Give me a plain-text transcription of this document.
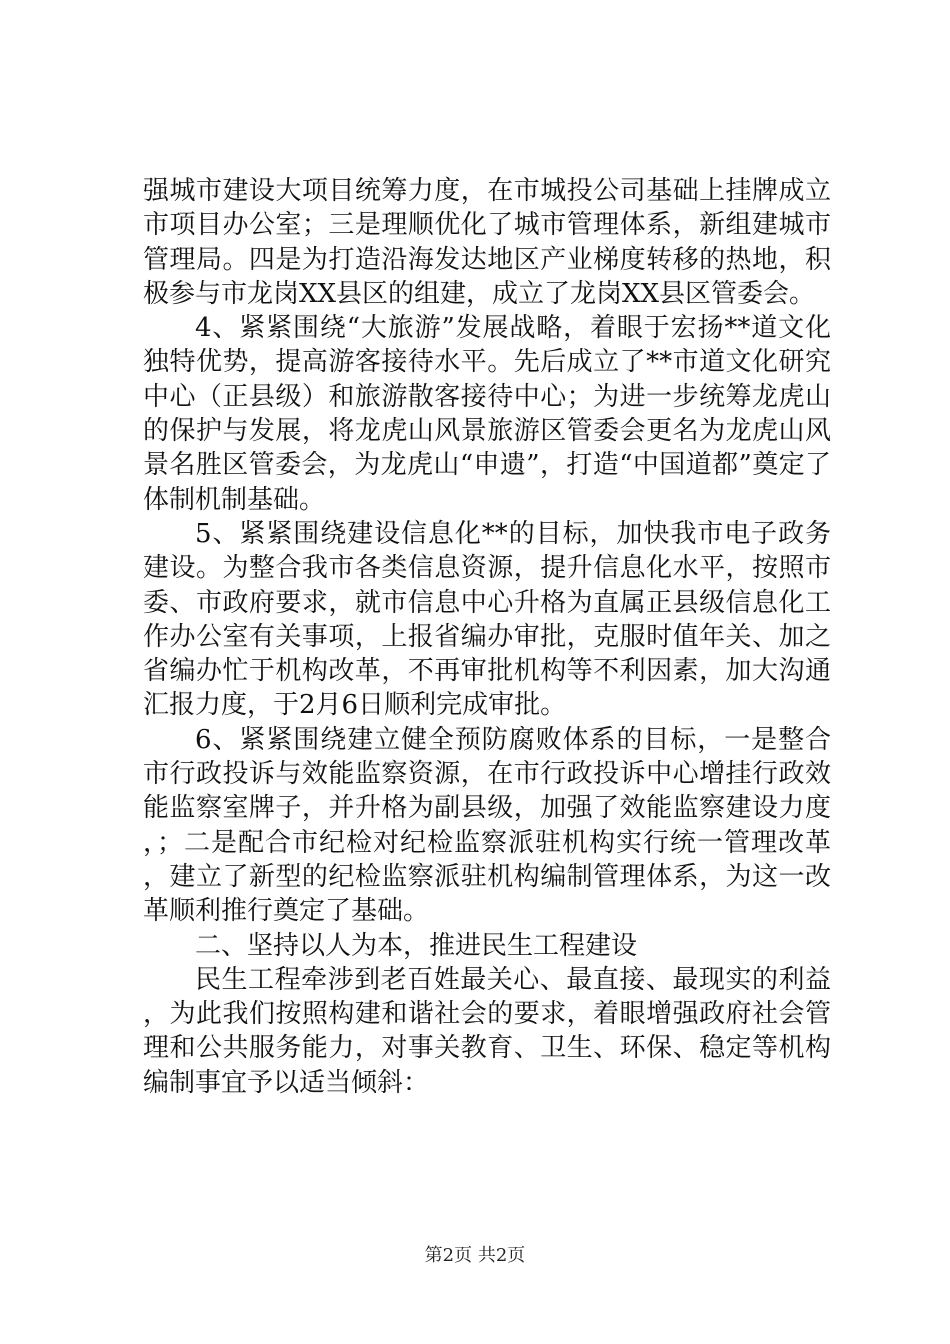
强城市建设大项目统筹力度，在市城投公司基础上挂牌成立市项目办公室；三是理顺优化了城市管理体系，新组建城市管理局。四是为打造沿海发达地区产业梯度转移的热地，积极参与市龙岗XX县区的组建，成立了龙岗XX县区管委会。

4、紧紧围绕“大旅游”发展战略，着眼于宏扬**道文化独特优势，提高游客接待水平。先后成立了**市道文化研究中心（正县级）和旅游散客接待中心；为进一步统筹龙虎山的保护与发展，将龙虎山风景旅游区管委会更名为龙虎山风景名胜区管委会，为龙虎山“申遗”，打造“中国道都”奠定了体制机制基础。

5、紧紧围绕建设信息化**的目标，加快我市电子政务建设。为整合我市各类信息资源，提升信息化水平，按照市委、市政府要求，就市信息中心升格为直属正县级信息化工作办公室有关事项，上报省编办审批，克服时值年关、加之省编办忙于机构改革，不再审批机构等不利因素，加大沟通汇报力度，于2月6日顺利完成审批。

6、紧紧围绕建立健全预防腐败体系的目标，一是整合市行政投诉与效能监察资源，在市行政投诉中心增挂行政效能监察室牌子，并升格为副县级，加强了效能监察建设力度，；二是配合市纪检对纪检监察派驻机构实行统一管理改革，建立了新型的纪检监察派驻机构编制管理体系，为这一改革顺利推行奠定了基础。

二、坚持以人为本，推进民生工程建设

民生工程牵涉到老百姓最关心、最直接、最现实的利益，为此我们按照构建和谐社会的要求，着眼增强政府社会管理和公共服务能力，对事关教育、卫生、环保、稳定等机构编制事宜予以适当倾斜：

第2页 共2页
